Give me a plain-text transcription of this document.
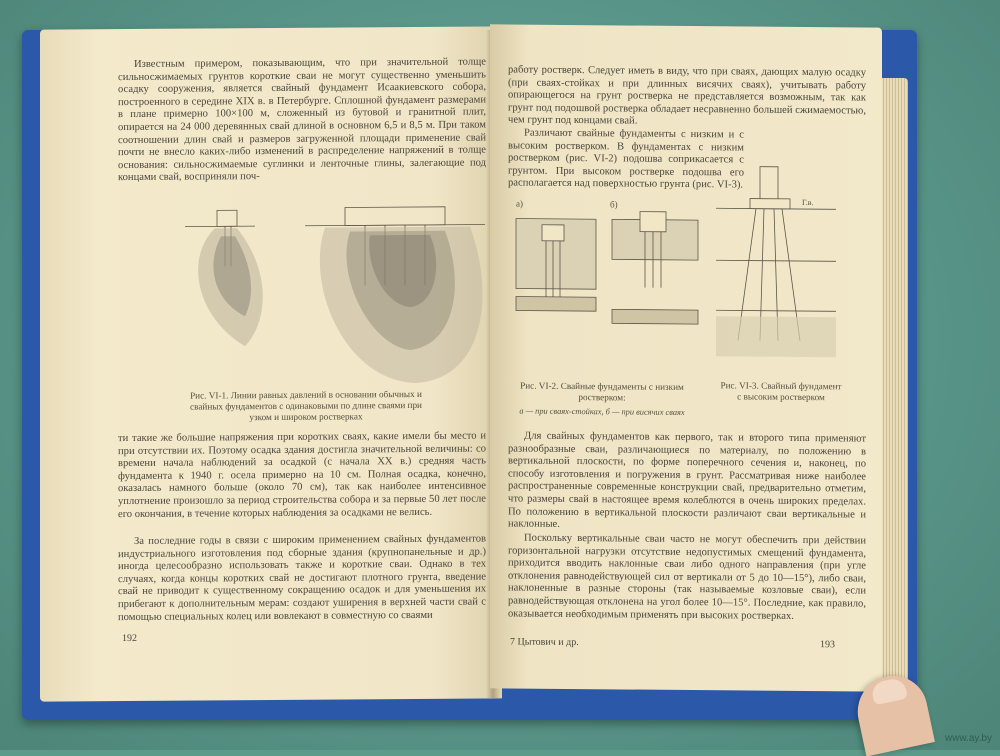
Известным примером, показывающим, что при значительной толще сильносжимаемых грунтов короткие сваи не могут существенно уменьшить осадку сооружения, является свайный фундамент Исаакиевского собора, построенного в середине XIX в. в Петербурге. Сплошной фундамент размерами в плане примерно 100×100 м, сложенный из бутовой и гранитной плит, опирается на 24 000 деревянных свай длиной в основном 6,5 и 8,5 м. При таком соотношении длин свай и размеров загруженной площади применение свай почти не внесло каких-либо изменений в распределение напряжений в толще основания: сильносжимаемые суглинки и ленточные глины, залегающие под концами свай, восприняли поч-

Рис. VI-1. Линии равных давлений в основании обычных и свайных фундаментов с одинаковыми по длине сваями при узком и широком ростверках

ти такие же большие напряжения при коротких сваях, какие имели бы место и при отсутствии их. Поэтому осадка здания достигла значительной величины: со времени начала наблюдений за осадкой (с начала XX в.) средняя часть фундамента к 1940 г. осела примерно на 10 см. Полная осадка, конечно, оказалась намного больше (около 70 см), так как наиболее интенсивное уплотнение произошло за период строительства собора и за первые 50 лет после его окончания, в течение которых наблюдения за осадками не велись.

За последние годы в связи с широким применением свайных фундаментов индустриального изготовления под сборные здания (крупнопанельные и др.) иногда целесообразно использовать также и короткие сваи. Однако в тех случаях, когда концы коротких свай не достигают плотного грунта, введение свай не приводит к существенному сокращению осадок и для уменьшения их прибегают к дополнительным мерам: создают уширения в верхней части свай с помощью специальных колец или вовлекают в совместную со сваями

192

работу ростверк. Следует иметь в виду, что при сваях, дающих малую осадку (при сваях-стойках и при длинных висячих сваях), учитывать работу опирающегося на грунт ростверка не представляется возможным, так как грунт под подошвой ростверка обладает несравненно большей сжимаемостью, чем грунт под концами свай.

Различают свайные фундаменты с низким и с высоким ростверком. В фундаментах с низким ростверком (рис. VI-2) подошва соприкасается с грунтом. При высоком ростверке подошва его располагается над поверхностью грунта (рис. VI-3).

а)	б)	Г.в.
Рис. VI-2. Свайные фундаменты с низким ростверком:
а — при сваях-стойках, б — при висячих сваях
Рис. VI-3. Свайный фундамент с высоким ростверком

Для свайных фундаментов как первого, так и второго типа применяют разнообразные сваи, различающиеся по материалу, по положению в вертикальной плоскости, по форме поперечного сечения и, наконец, по способу изготовления и погружения в грунт. Рассматривая ниже наиболее распространенные современные конструкции свай, предварительно отметим, что размеры свай в настоящее время колеблются в очень широких пределах. По положению в вертикальной плоскости различают сваи вертикальные и наклонные.

Поскольку вертикальные сваи часто не могут обеспечить при действии горизонтальной нагрузки отсутствие недопустимых смещений фундамента, приходится вводить наклонные сваи либо одного направления (при угле отклонения равнодействующей сил от вертикали от 5 до 10—15°), либо сваи, наклоненные в разные стороны (так называемые козловые сваи), если равнодействующая отклонена на угол более 10—15°. Последние, как правило, оказывается необходимым применять при высоких ростверках.

7 Цытович и др.	193
www.ay.by
